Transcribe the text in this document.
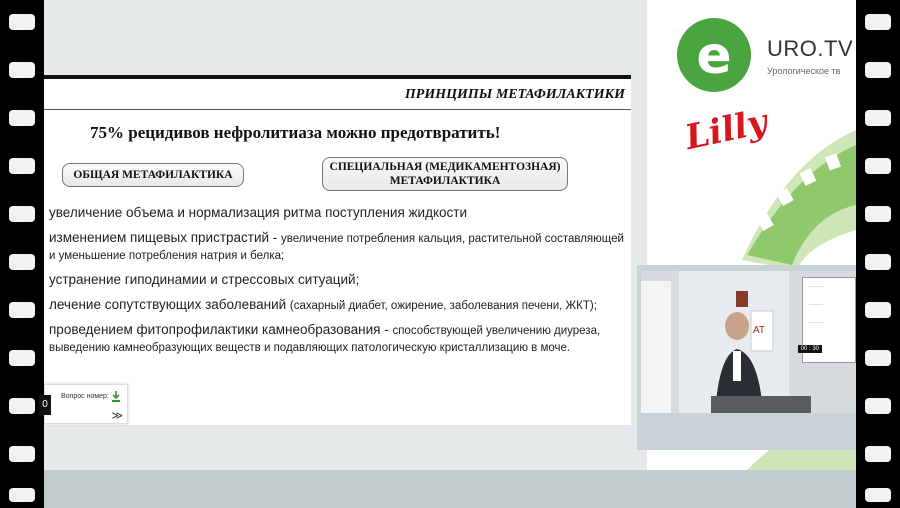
ПРИНЦИПЫ МЕТАФИЛАКТИКИ
75% рецидивов нефролитиаза можно предотвратить!
ОБЩАЯ МЕТАФИЛАКТИКА
СПЕЦИАЛЬНАЯ (МЕДИКАМЕНТОЗНАЯ)
МЕТАФИЛАКТИКА
увеличение объема и нормализация ритма поступления жидкости
изменением пищевых пристрастий - увеличение потребления кальция, растительной составляющей и уменьшение потребления натрия и белка;
устранение гиподинамии и стрессовых ситуаций;
лечение сопутствующих заболеваний (сахарный диабет, ожирение, заболевания печени, ЖКТ);
проведением фитопрофилактики камнеобразования - способствующей увеличению диуреза, выведению камнеобразующих веществ и подавляющих патологическую кристаллизацию в моче.
0
Вопрос номер:
≫
e	URO.TV
Урологическое тв
Lilly
AT
·······
·······
·······
00 : 30
